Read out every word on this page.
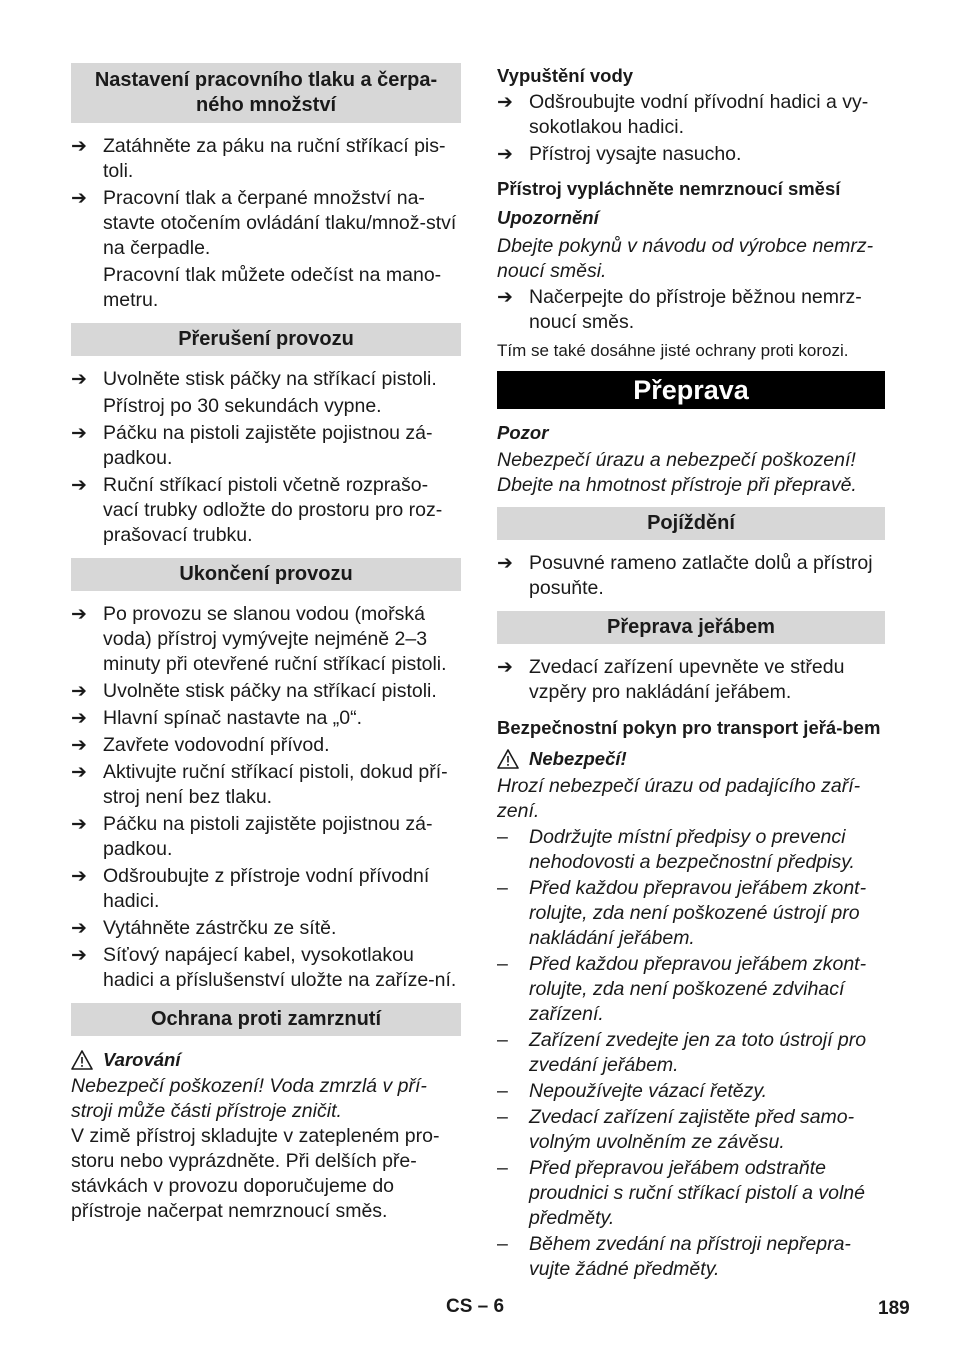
Nastavení pracovního tlaku a čerpa-ného množství
➔ Zatáhněte za páku na ruční stříkací pis-toli.
➔ Pracovní tlak a čerpané množství na-stavte otočením ovládání tlaku/množ-ství na čerpadle.
Pracovní tlak můžete odečíst na mano-metru.
Přerušení provozu
➔ Uvolněte stisk páčky na stříkací pistoli.
Přístroj po 30 sekundách vypne.
➔ Páčku na pistoli zajistěte pojistnou zá-padkou.
➔ Ruční stříkací pistoli včetně rozprašo-vací trubky odložte do prostoru pro roz-prašovací trubku.
Ukončení provozu
➔ Po provozu se slanou vodou (mořská voda) přístroj vymývejte nejméně 2–3 minuty při otevřené ruční stříkací pistoli.
➔ Uvolněte stisk páčky na stříkací pistoli.
➔ Hlavní spínač nastavte na „0“.
➔ Zavřete vodovodní přívod.
➔ Aktivujte ruční stříkací pistoli, dokud pří-stroj není bez tlaku.
➔ Páčku na pistoli zajistěte pojistnou zá-padkou.
➔ Odšroubujte z přístroje vodní přívodní hadici.
➔ Vytáhněte zástrčku ze sítě.
➔ Síťový napájecí kabel, vysokotlakou hadici a příslušenství uložte na zaříze-ní.
Ochrana proti zamrznutí
Varování
Nebezpečí poškození! Voda zmrzlá v pří-stroji může části přístroje zničit.
V zimě přístroj skladujte v zatepleném pro-storu nebo vyprázdněte. Při delších pře-stávkách v provozu doporučujeme do přístroje načerpat nemrznoucí směs.
Vypuštění vody
➔ Odšroubujte vodní přívodní hadici a vy-sokotlakou hadici.
➔ Přístroj vysajte nasucho.
Přístroj vypláchněte nemrznoucí směsí
Upozornění
Dbejte pokynů v návodu od výrobce nemrz-noucí směsi.
➔ Načerpejte do přístroje běžnou nemrz-noucí směs.
Tím se také dosáhne jisté ochrany proti korozi.
Přeprava
Pozor
Nebezpečí úrazu a nebezpečí poškození! Dbejte na hmotnost přístroje při přepravě.
Pojíždění
➔ Posuvné rameno zatlačte dolů a přístroj posuňte.
Přeprava jeřábem
➔ Zvedací zařízení upevněte ve středu vzpěry pro nakládání jeřábem.
Bezpečnostní pokyn pro transport jeřá-bem
Nebezpečí!
Hrozí nebezpečí úrazu od padajícího zaří-zení.
–	Dodržujte místní předpisy o prevenci nehodovosti a bezpečnostní předpisy.
–	Před každou přepravou jeřábem zkont-rolujte, zda není poškozené ústrojí pro nakládání jeřábem.
–	Před každou přepravou jeřábem zkont-rolujte, zda není poškozené zdvihací zařízení.
–	Zařízení zvedejte jen za toto ústrojí pro zvedání jeřábem.
–	Nepoužívejte vázací řetězy.
–	Zvedací zařízení zajistěte před samo-volným uvolněním ze závěsu.
–	Před přepravou jeřábem odstraňte proudnici s ruční stříkací pistolí a volné předměty.
–	Během zvedání na přístroji nepřepra-vujte žádné předměty.
CS – 6	189
